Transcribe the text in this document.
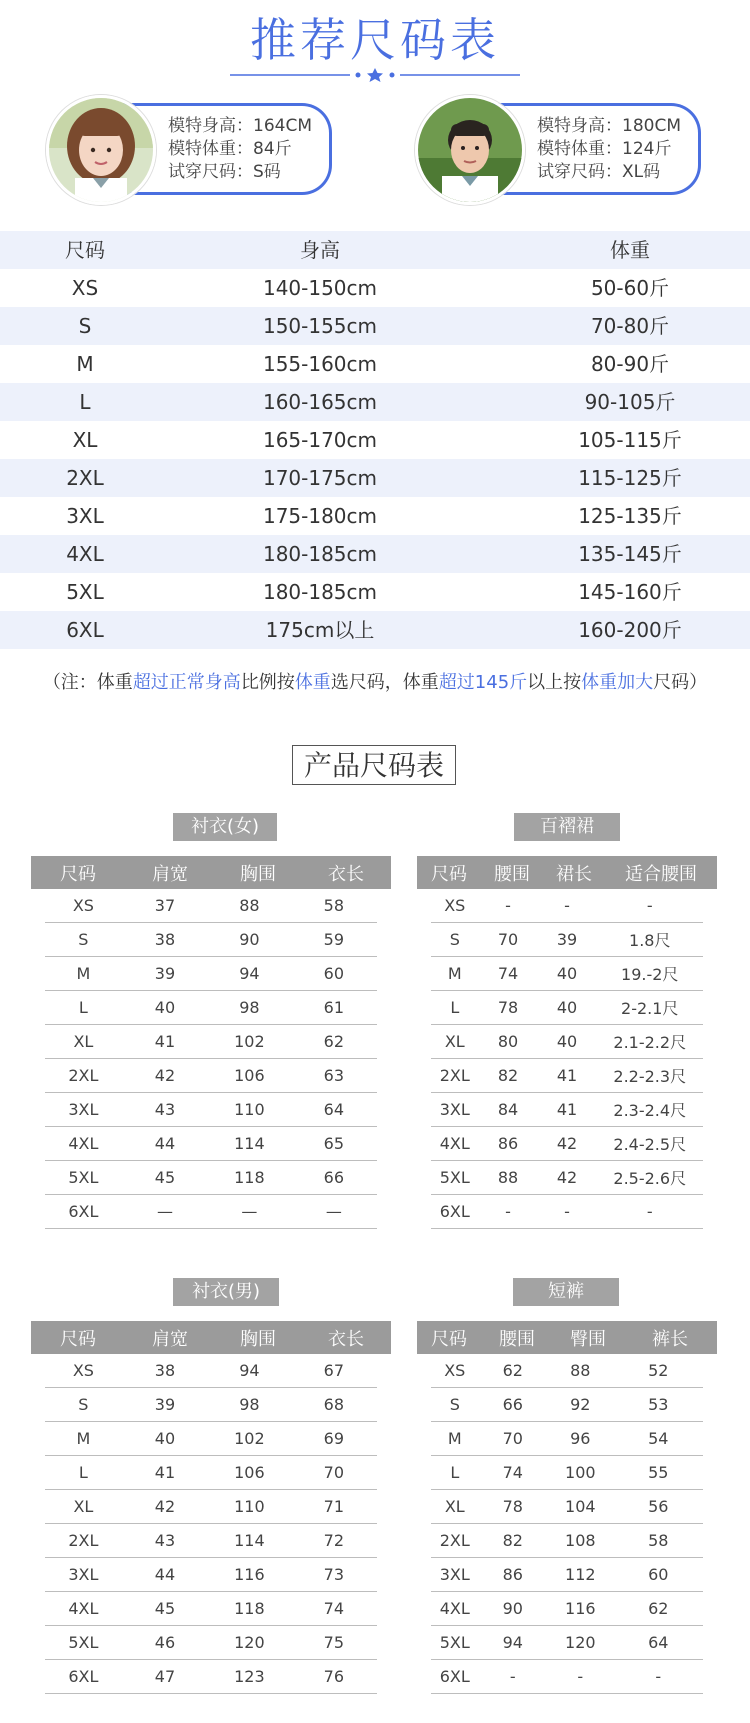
推荐尺码表
模特身高：164CM
模特体重：84斤
试穿尺码：S码
模特身高：180CM
模特体重：124斤
试穿尺码：XL码
尺码	身高	体重
XS	140-150cm	50-60斤
S	150-155cm	70-80斤
M	155-160cm	80-90斤
L	160-165cm	90-105斤
XL	165-170cm	105-115斤
2XL	170-175cm	115-125斤
3XL	175-180cm	125-135斤
4XL	180-185cm	135-145斤
5XL	180-185cm	145-160斤
6XL	175cm以上	160-200斤
（注：体重超过正常身高比例按体重选尺码，体重超过145斤以上按体重加大尺码）
产品尺码表
衬衣(女)
尺码	肩宽	胸围	衣长
XS	37	88	58
S	38	90	59
M	39	94	60
L	40	98	61
XL	41	102	62
2XL	42	106	63
3XL	43	110	64
4XL	44	114	65
5XL	45	118	66
6XL	—	—	—
百褶裙
尺码	腰围	裙长	适合腰围
XS	-	-	-
S	70	39	1.8尺
M	74	40	19.-2尺
L	78	40	2-2.1尺
XL	80	40	2.1-2.2尺
2XL	82	41	2.2-2.3尺
3XL	84	41	2.3-2.4尺
4XL	86	42	2.4-2.5尺
5XL	88	42	2.5-2.6尺
6XL	-	-	-
衬衣(男)
尺码	肩宽	胸围	衣长
XS	38	94	67
S	39	98	68
M	40	102	69
L	41	106	70
XL	42	110	71
2XL	43	114	72
3XL	44	116	73
4XL	45	118	74
5XL	46	120	75
6XL	47	123	76
短裤
尺码	腰围	臀围	裤长
XS	62	88	52
S	66	92	53
M	70	96	54
L	74	100	55
XL	78	104	56
2XL	82	108	58
3XL	86	112	60
4XL	90	116	62
5XL	94	120	64
6XL	-	-	-
